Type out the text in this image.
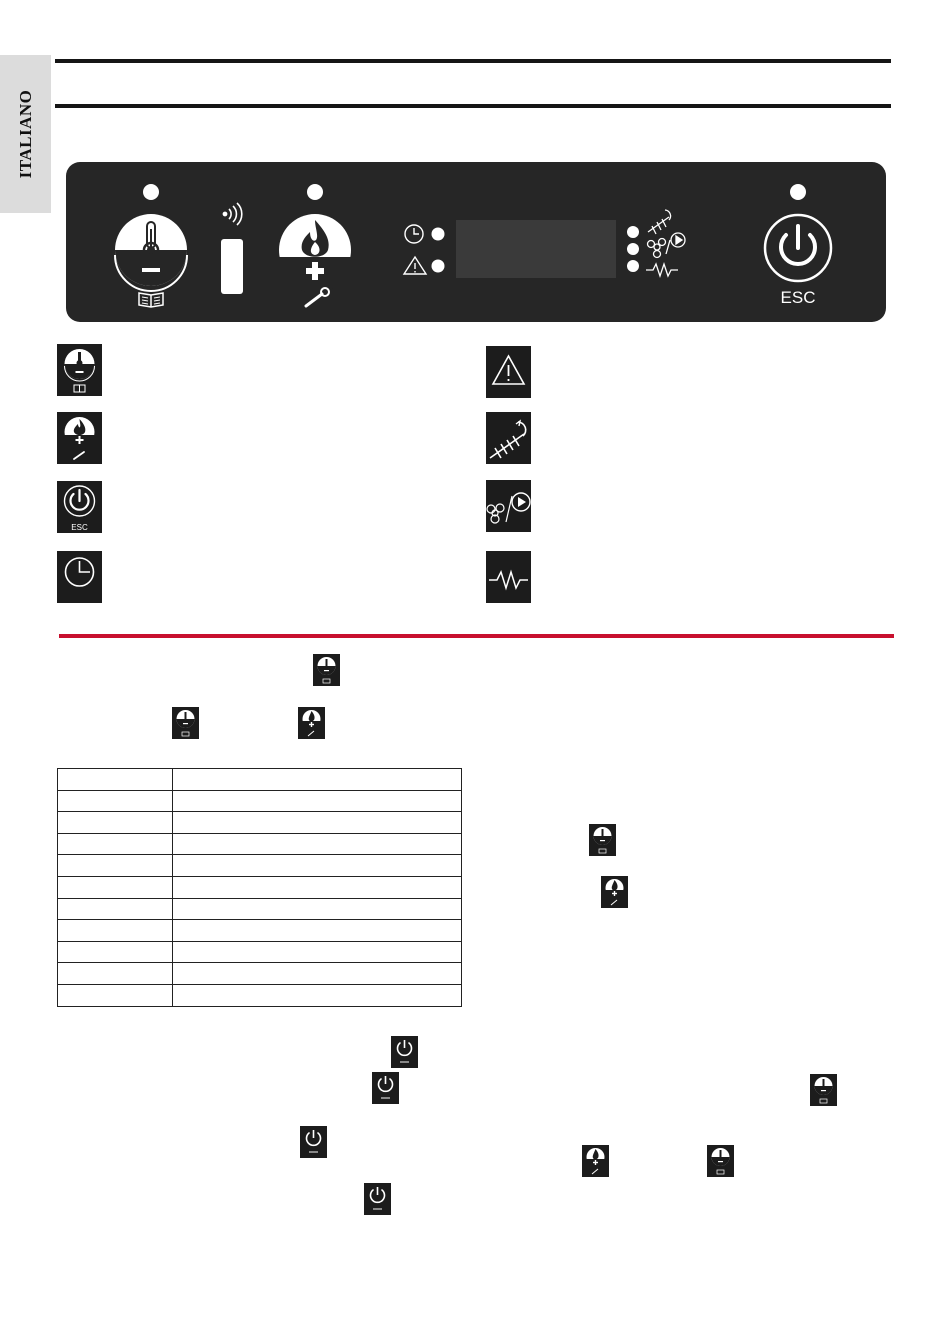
ITALIANO
ESC
ESC
